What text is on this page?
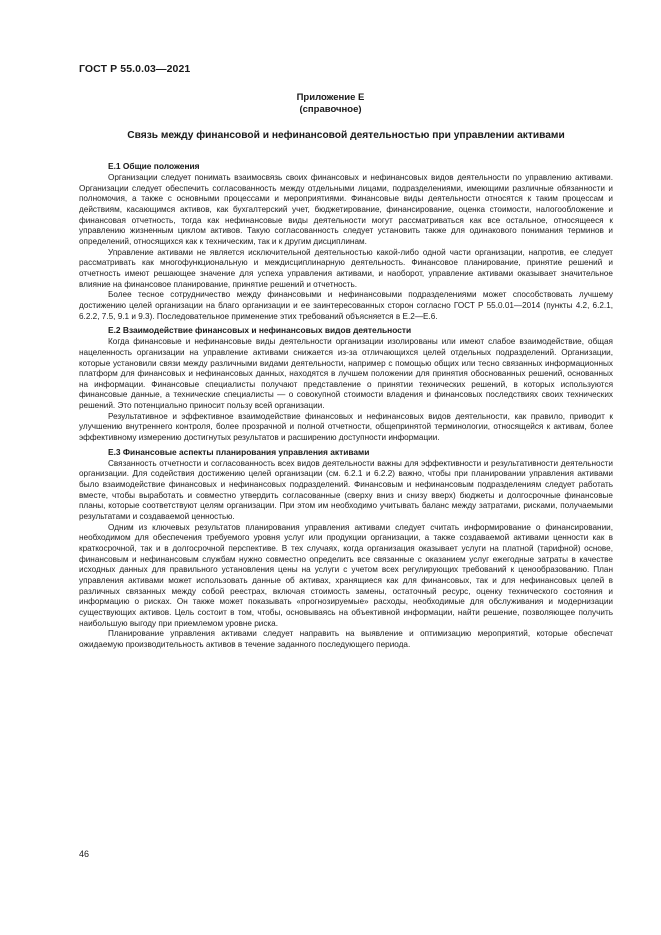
ГОСТ Р 55.0.03—2021
Приложение Е
(справочное)
Связь между финансовой и нефинансовой деятельностью при управлении активами
Е.1 Общие положения

Организации следует понимать взаимосвязь своих финансовых и нефинансовых видов деятельности по управлению активами. Организации следует обеспечить согласованность между отдельными лицами, подразделениями, имеющими различные обязанности и полномочия, а также с основными процессами и мероприятиями. Финансовые виды деятельности относятся к таким процессам и действиям, касающимся активов, как бухгалтерский учет, бюджетирование, финансирование, оценка стоимости, налогообложение и финансовая отчетность, тогда как нефинансовые виды деятельности могут рассматриваться как все остальное, относящееся к управлению жизненным циклом активов. Такую согласованность следует установить также для одинакового понимания терминов и определений, относящихся как к техническим, так и к другим дисциплинам.

Управление активами не является исключительной деятельностью какой-либо одной части организации, напротив, ее следует рассматривать как многофункциональную и междисциплинарную деятельность. Финансовое планирование, принятие решений и отчетность имеют решающее значение для успеха управления активами, и наоборот, управление активами оказывает значительное влияние на финансовое планирование, принятие решений и отчетность.

Более тесное сотрудничество между финансовыми и нефинансовыми подразделениями может способствовать лучшему достижению целей организации на благо организации и ее заинтересованных сторон согласно ГОСТ Р 55.0.01—2014 (пункты 4.2, 6.2.1, 6.2.2, 7.5, 9.1 и 9.3). Последовательное применение этих требований объясняется в Е.2—Е.6.

Е.2 Взаимодействие финансовых и нефинансовых видов деятельности

Когда финансовые и нефинансовые виды деятельности организации изолированы или имеют слабое взаимодействие, общая нацеленность организации на управление активами снижается из-за отличающихся целей отдельных подразделений. Организации, которые установили связи между различными видами деятельности, например с помощью общих или тесно связанных информационных платформ для финансовых и нефинансовых данных, находятся в лучшем положении для принятия обоснованных решений, основанных на информации. Финансовые специалисты получают представление о принятии технических решений, в которых используются финансовые данные, а технические специалисты — о совокупной стоимости владения и финансовых последствиях своих технических решений. Это потенциально приносит пользу всей организации.

Результативное и эффективное взаимодействие финансовых и нефинансовых видов деятельности, как правило, приводит к улучшению внутреннего контроля, более прозрачной и полной отчетности, общепринятой терминологии, относящейся к активам, более эффективному измерению достигнутых результатов и расширению доступности информации.

Е.3 Финансовые аспекты планирования управления активами

Связанность отчетности и согласованность всех видов деятельности важны для эффективности и результативности деятельности организации. Для содействия достижению целей организации (см. 6.2.1 и 6.2.2) важно, чтобы при планировании управления активами было взаимодействие финансовых и нефинансовых подразделений. Финансовым и нефинансовым подразделениям следует работать вместе, чтобы выработать и совместно утвердить согласованные (сверху вниз и снизу вверх) бюджеты и долгосрочные финансовые планы, которые соответствуют целям организации. При этом им необходимо учитывать баланс между затратами, рисками, получаемыми результатами и создаваемой ценностью.

Одним из ключевых результатов планирования управления активами следует считать информирование о финансировании, необходимом для обеспечения требуемого уровня услуг или продукции организации, а также создаваемой активами ценности как в краткосрочной, так и в долгосрочной перспективе. В тех случаях, когда организация оказывает услуги на платной (тарифной) основе, финансовым и нефинансовым службам нужно совместно определить все связанные с оказанием услуг ежегодные затраты в качестве исходных данных для правильного установления цены на услуги с учетом всех регулирующих требований к ценообразованию. План управления активами может использовать данные об активах, хранящиеся как для финансовых, так и для нефинансовых целей в различных связанных между собой реестрах, включая стоимость замены, остаточный ресурс, оценку технического состояния и информацию о рисках. Он также может показывать «прогнозируемые» расходы, необходимые для обслуживания и модернизации существующих активов. Цель состоит в том, чтобы, основываясь на объективной информации, найти решение, позволяющее получить наибольшую выгоду при приемлемом уровне риска.

Планирование управления активами следует направить на выявление и оптимизацию мероприятий, которые обеспечат ожидаемую производительность активов в течение заданного последующего периода.

46
